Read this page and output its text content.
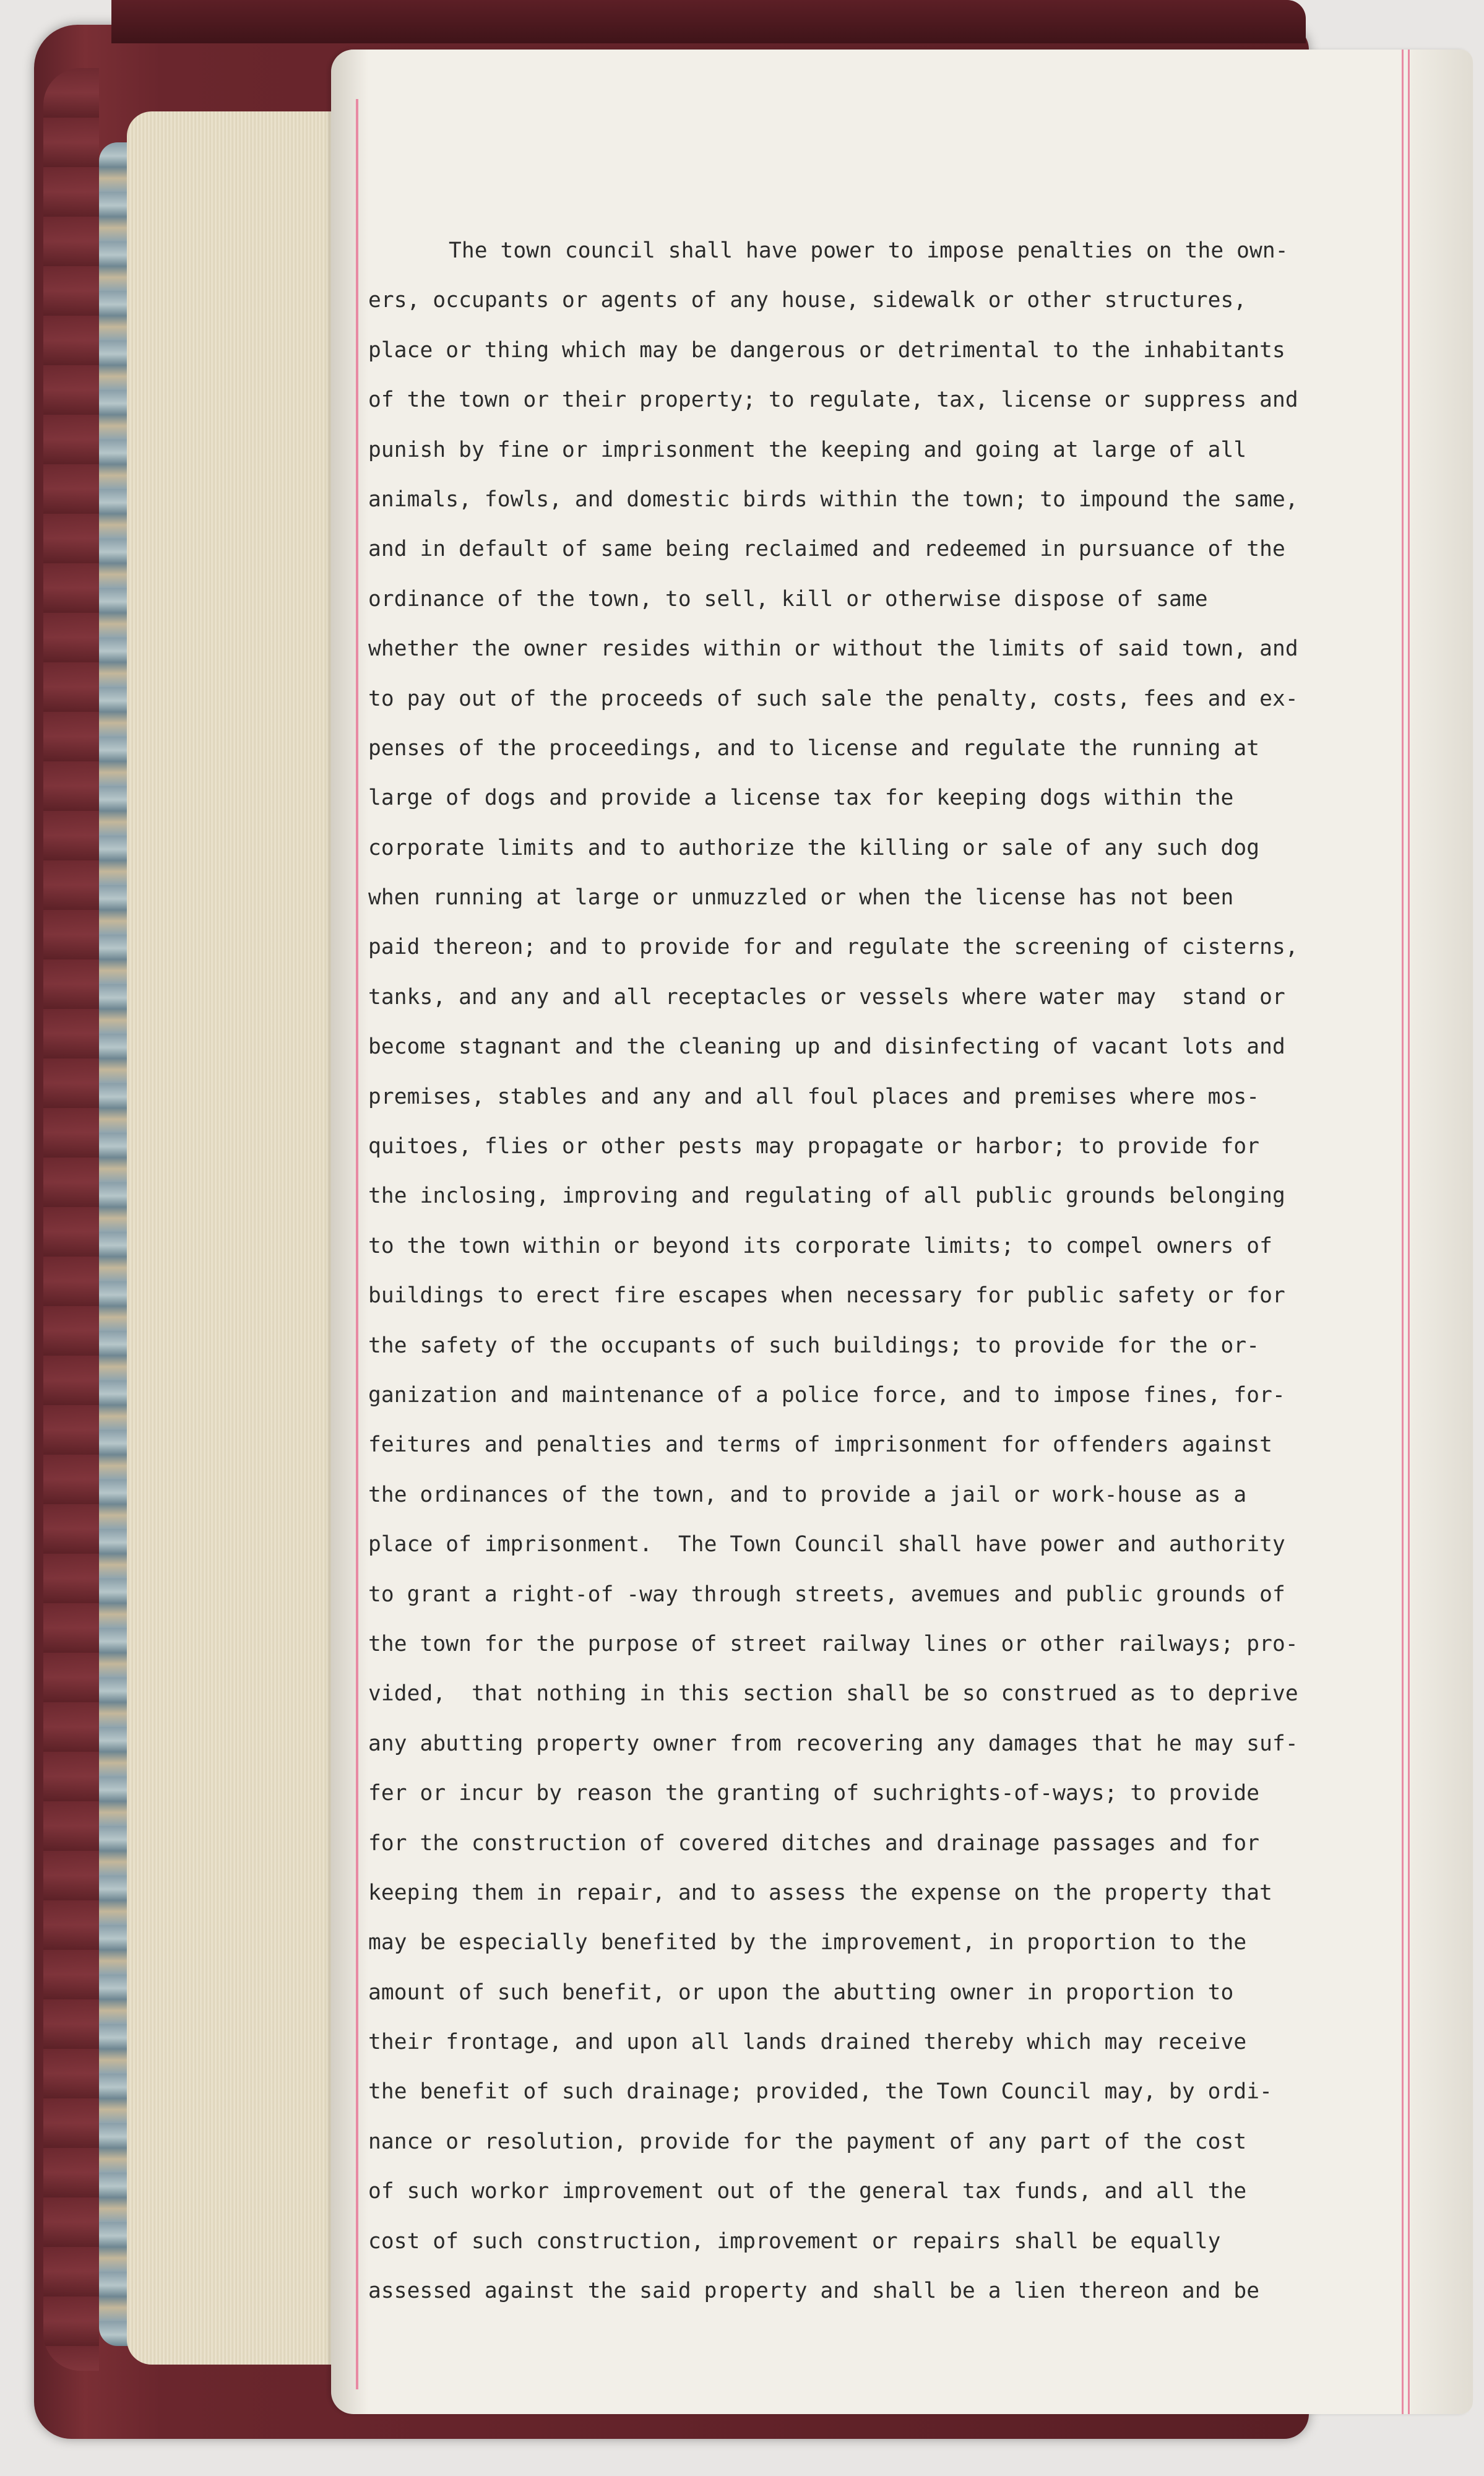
The town council shall have power to impose penalties on the own-
ers, occupants or agents of any house, sidewalk or other structures,
place or thing which may be dangerous or detrimental to the inhabitants
of the town or their property; to regulate, tax, license or suppress and
punish by fine or imprisonment the keeping and going at large of all
animals, fowls, and domestic birds within the town; to impound the same,
and in default of same being reclaimed and redeemed in pursuance of the
ordinance of the town, to sell, kill or otherwise dispose of same
whether the owner resides within or without the limits of said town, and
to pay out of the proceeds of such sale the penalty, costs, fees and ex-
penses of the proceedings, and to license and regulate the running at
large of dogs and provide a license tax for keeping dogs within the
corporate limits and to authorize the killing or sale of any such dog
when running at large or unmuzzled or when the license has not been
paid thereon; and to provide for and regulate the screening of cisterns,
tanks, and any and all receptacles or vessels where water may  stand or
become stagnant and the cleaning up and disinfecting of vacant lots and
premises, stables and any and all foul places and premises where mos-
quitoes, flies or other pests may propagate or harbor; to provide for
the inclosing, improving and regulating of all public grounds belonging
to the town within or beyond its corporate limits; to compel owners of
buildings to erect fire escapes when necessary for public safety or for
the safety of the occupants of such buildings; to provide for the or-
ganization and maintenance of a police force, and to impose fines, for-
feitures and penalties and terms of imprisonment for offenders against
the ordinances of the town, and to provide a jail or work-house as a
place of imprisonment.  The Town Council shall have power and authority
to grant a right-of -way through streets, avemues and public grounds of
the town for the purpose of street railway lines or other railways; pro-
vided,  that nothing in this section shall be so construed as to deprive
any abutting property owner from recovering any damages that he may suf-
fer or incur by reason the granting of suchrights-of-ways; to provide
for the construction of covered ditches and drainage passages and for
keeping them in repair, and to assess the expense on the property that
may be especially benefited by the improvement, in proportion to the
amount of such benefit, or upon the abutting owner in proportion to
their frontage, and upon all lands drained thereby which may receive
the benefit of such drainage; provided, the Town Council may, by ordi-
nance or resolution, provide for the payment of any part of the cost
of such workor improvement out of the general tax funds, and all the
cost of such construction, improvement or repairs shall be equally
assessed against the said property and shall be a lien thereon and be
